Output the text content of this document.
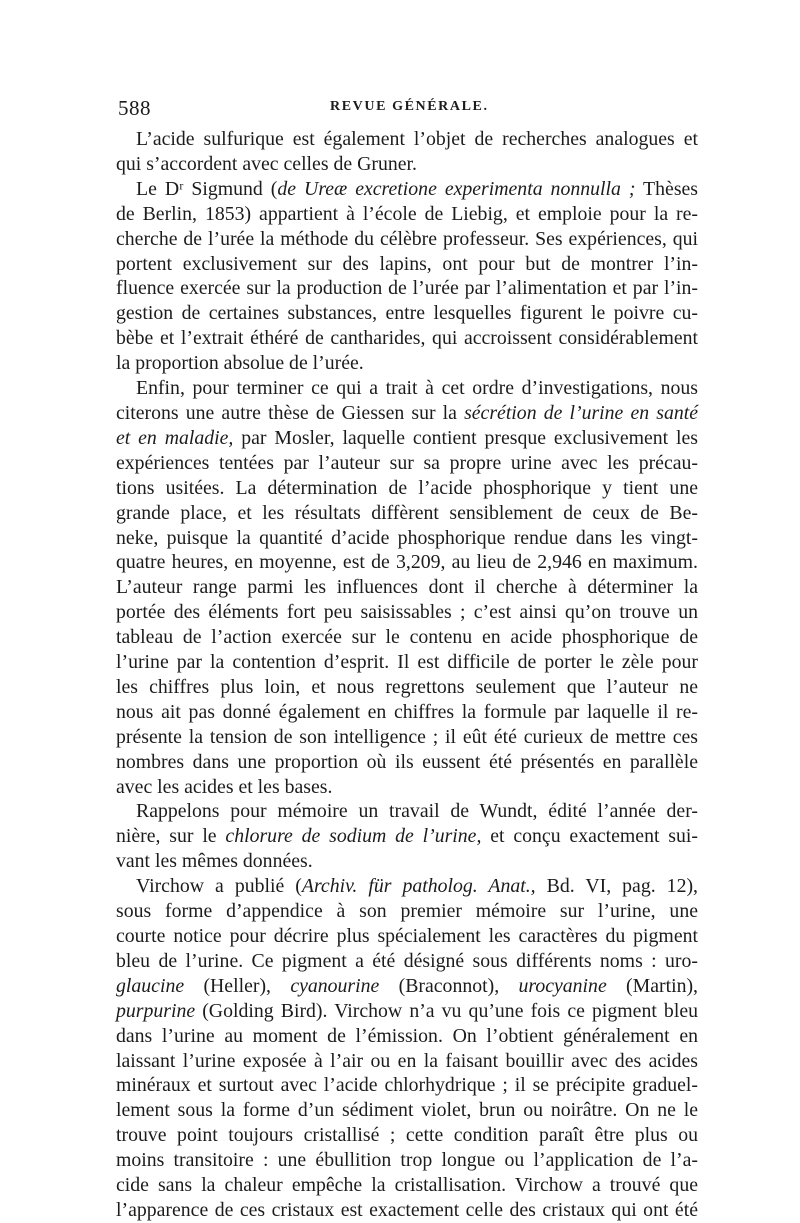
588	REVUE GÉNÉRALE.
L’acide sulfurique est également l’objet de recherches analogues et
qui s’accordent avec celles de Gruner.
Le Dʳ Sigmund (de Ureæ excretione experimenta nonnulla ; Thèses
de Berlin, 1853) appartient à l’école de Liebig, et emploie pour la re-
cherche de l’urée la méthode du célèbre professeur. Ses expériences, qui
portent exclusivement sur des lapins, ont pour but de montrer l’in-
fluence exercée sur la production de l’urée par l’alimentation et par l’in-
gestion de certaines substances, entre lesquelles figurent le poivre cu-
bèbe et l’extrait éthéré de cantharides, qui accroissent considérablement
la proportion absolue de l’urée.
Enfin, pour terminer ce qui a trait à cet ordre d’investigations, nous
citerons une autre thèse de Giessen sur la sécrétion de l’urine en santé
et en maladie, par Mosler, laquelle contient presque exclusivement les
expériences tentées par l’auteur sur sa propre urine avec les précau-
tions usitées. La détermination de l’acide phosphorique y tient une
grande place, et les résultats diffèrent sensiblement de ceux de Be-
neke, puisque la quantité d’acide phosphorique rendue dans les vingt-
quatre heures, en moyenne, est de 3,209, au lieu de 2,946 en maximum.
L’auteur range parmi les influences dont il cherche à déterminer la
portée des éléments fort peu saisissables ; c’est ainsi qu’on trouve un
tableau de l’action exercée sur le contenu en acide phosphorique de
l’urine par la contention d’esprit. Il est difficile de porter le zèle pour
les chiffres plus loin, et nous regrettons seulement que l’auteur ne
nous ait pas donné également en chiffres la formule par laquelle il re-
présente la tension de son intelligence ; il eût été curieux de mettre ces
nombres dans une proportion où ils eussent été présentés en parallèle
avec les acides et les bases.
Rappelons pour mémoire un travail de Wundt, édité l’année der-
nière, sur le chlorure de sodium de l’urine, et conçu exactement sui-
vant les mêmes données.
Virchow a publié (Archiv. für patholog. Anat., Bd. VI, pag. 12),
sous forme d’appendice à son premier mémoire sur l’urine, une
courte notice pour décrire plus spécialement les caractères du pigment
bleu de l’urine. Ce pigment a été désigné sous différents noms : uro-
glaucine (Heller), cyanourine (Braconnot), urocyanine (Martin),
purpurine (Golding Bird). Virchow n’a vu qu’une fois ce pigment bleu
dans l’urine au moment de l’émission. On l’obtient généralement en
laissant l’urine exposée à l’air ou en la faisant bouillir avec des acides
minéraux et surtout avec l’acide chlorhydrique ; il se précipite graduel-
lement sous la forme d’un sédiment violet, brun ou noirâtre. On ne le
trouve point toujours cristallisé ; cette condition paraît être plus ou
moins transitoire : une ébullition trop longue ou l’application de l’a-
cide sans la chaleur empêche la cristallisation. Virchow a trouvé que
l’apparence de ces cristaux est exactement celle des cristaux qui ont été
